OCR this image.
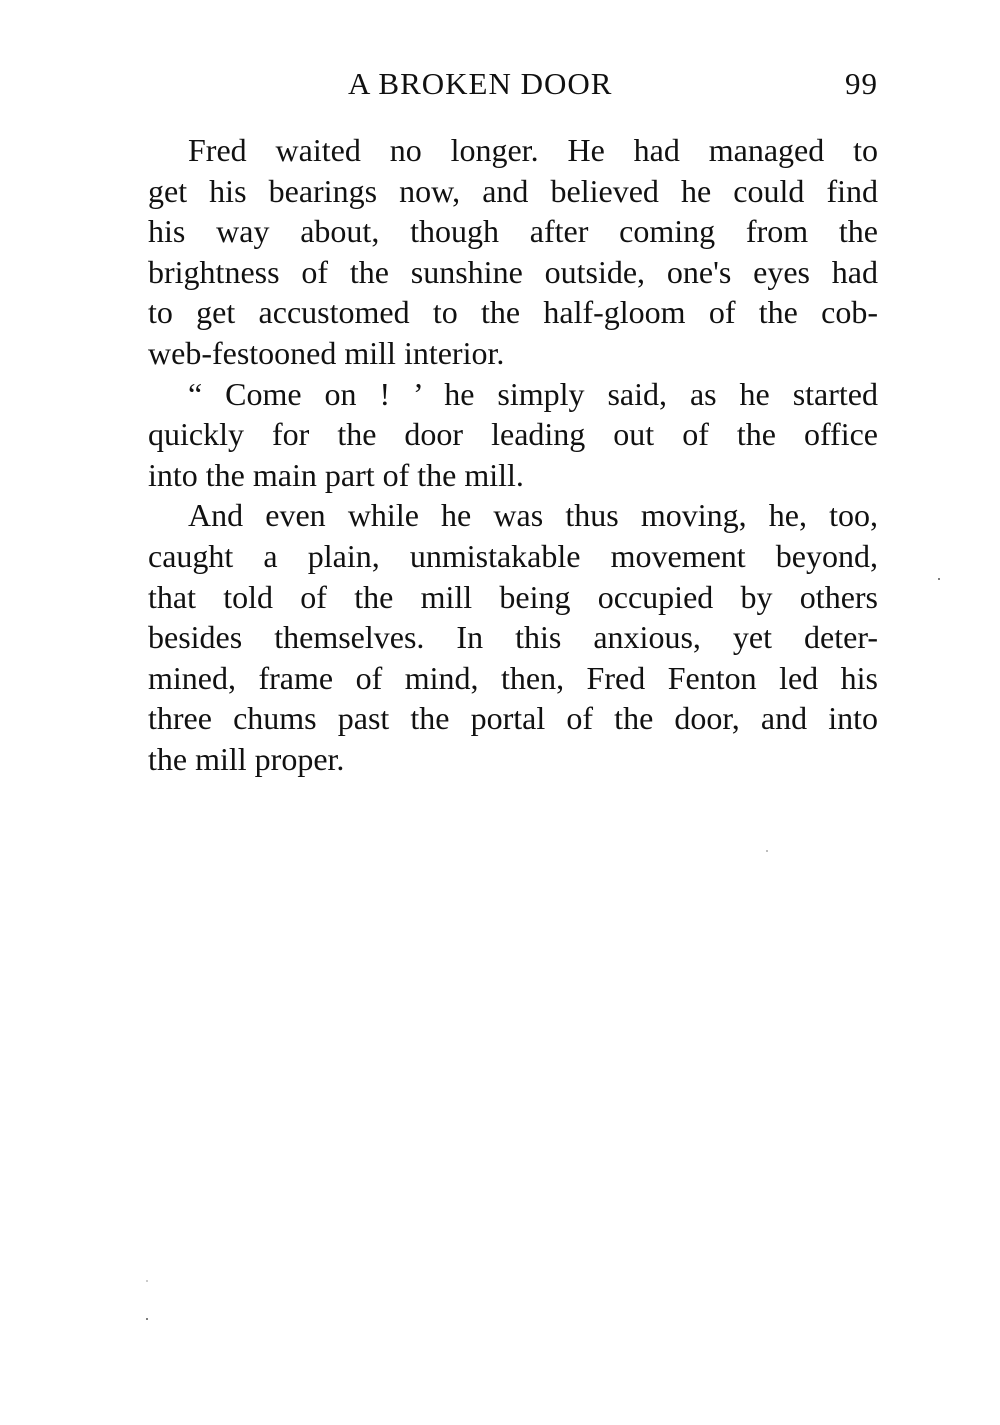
A BROKEN DOOR	99
Fred waited no longer. He had managed to
get his bearings now, and believed he could find
his way about, though after coming from the
brightness of the sunshine outside, one's eyes had
to get accustomed to the half-gloom of the cob-
web-festooned mill interior.
“ Come on ! ’ he simply said, as he started
quickly for the door leading out of the office
into the main part of the mill.
And even while he was thus moving, he, too,
caught a plain, unmistakable movement beyond,
that told of the mill being occupied by others
besides themselves. In this anxious, yet deter-
mined, frame of mind, then, Fred Fenton led his
three chums past the portal of the door, and into
the mill proper.
